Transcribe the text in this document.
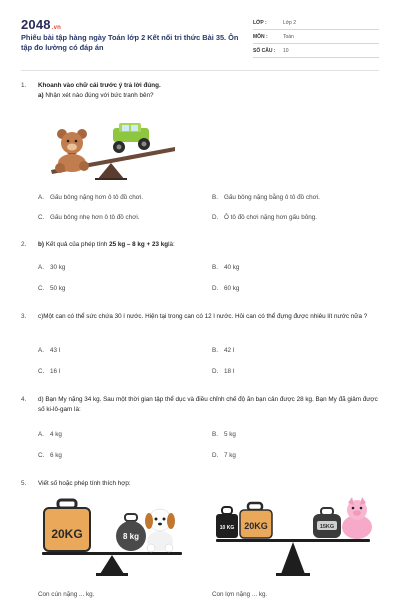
2048.vn
Phiếu bài tập hàng ngày Toán lớp 2 Kết nối tri thức Bài 35. Ôn tập đo lường có đáp án
LỚP :	Lớp 2
MÔN :	Toán
SỐ CÂU :	10
1.	Khoanh vào chữ cái trước ý trả lời đúng.
a) Nhận xét nào đúng với bức tranh bên?
A. Gấu bông nặng hơn ô tô đồ chơi.	B. Gấu bông nặng bằng ô tô đồ chơi.
C. Gấu bông nhẹ hơn ô tô đồ chơi.	D. Ô tô đồ chơi nặng hơn gấu bông.
2.	b) Kết quả của phép tính 25 kg – 8 kg + 23 kglà:
A. 30 kg	B. 40 kg
C. 50 kg	D. 60 kg
3.	c)Một can có thể sức chứa 30 l nước. Hiện tại trong can có 12 l nước. Hỏi can có thể đựng được nhiêu lít nước nữa ?
A. 43 l	B. 42 l
C. 16 l	D. 18 l
4.	d) Bạn My nặng 34 kg. Sau một thời gian tập thể dục và điều chỉnh chế độ ăn bạn cân được 28 kg. Bạn My đã giảm được số ki-lô-gam là:
A. 4 kg	B. 5 kg
C. 6 kg	D. 7 kg
5.	Viết số hoặc phép tính thích hợp:
20KG	8 kg
10 KG 20KG	15KG
Con cún nặng ... kg.	Con lợn nặng ... kg.
